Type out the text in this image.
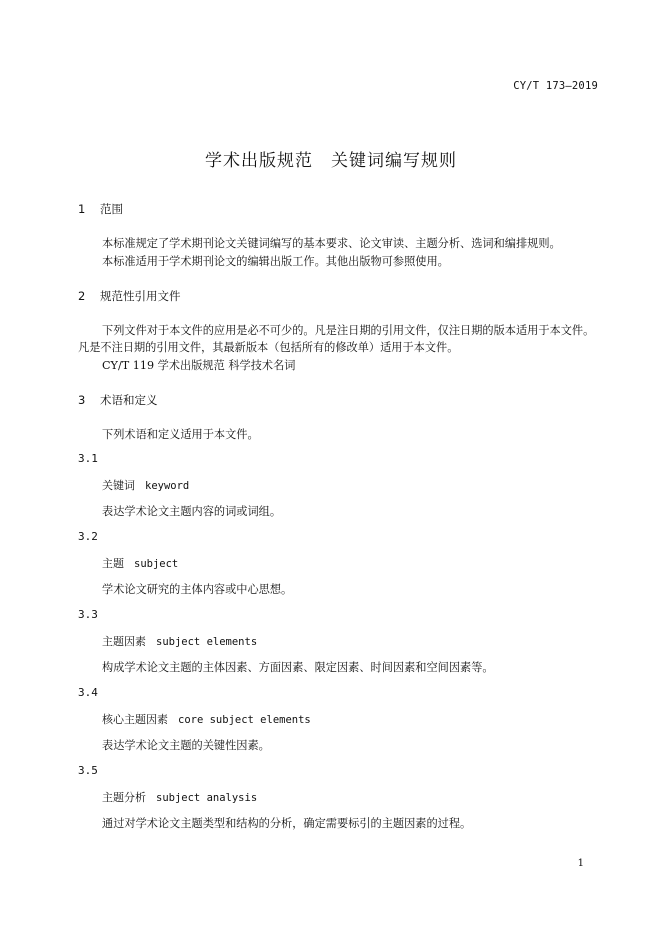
CY/T 173—2019
学术出版规范　关键词编写规则
1 范围
本标准规定了学术期刊论文关键词编写的基本要求、论文审读、主题分析、选词和编排规则。
本标准适用于学术期刊论文的编辑出版工作。其他出版物可参照使用。
2 规范性引用文件
下列文件对于本文件的应用是必不可少的。凡是注日期的引用文件，仅注日期的版本适用于本文件。
凡是不注日期的引用文件，其最新版本（包括所有的修改单）适用于本文件。
CY/T 119 学术出版规范 科学技术名词
3 术语和定义
下列术语和定义适用于本文件。
3.1
关键词 keyword
表达学术论文主题内容的词或词组。
3.2
主题 subject
学术论文研究的主体内容或中心思想。
3.3
主题因素 subject elements
构成学术论文主题的主体因素、方面因素、限定因素、时间因素和空间因素等。
3.4
核心主题因素 core subject elements
表达学术论文主题的关键性因素。
3.5
主题分析 subject analysis
通过对学术论文主题类型和结构的分析，确定需要标引的主题因素的过程。
1
